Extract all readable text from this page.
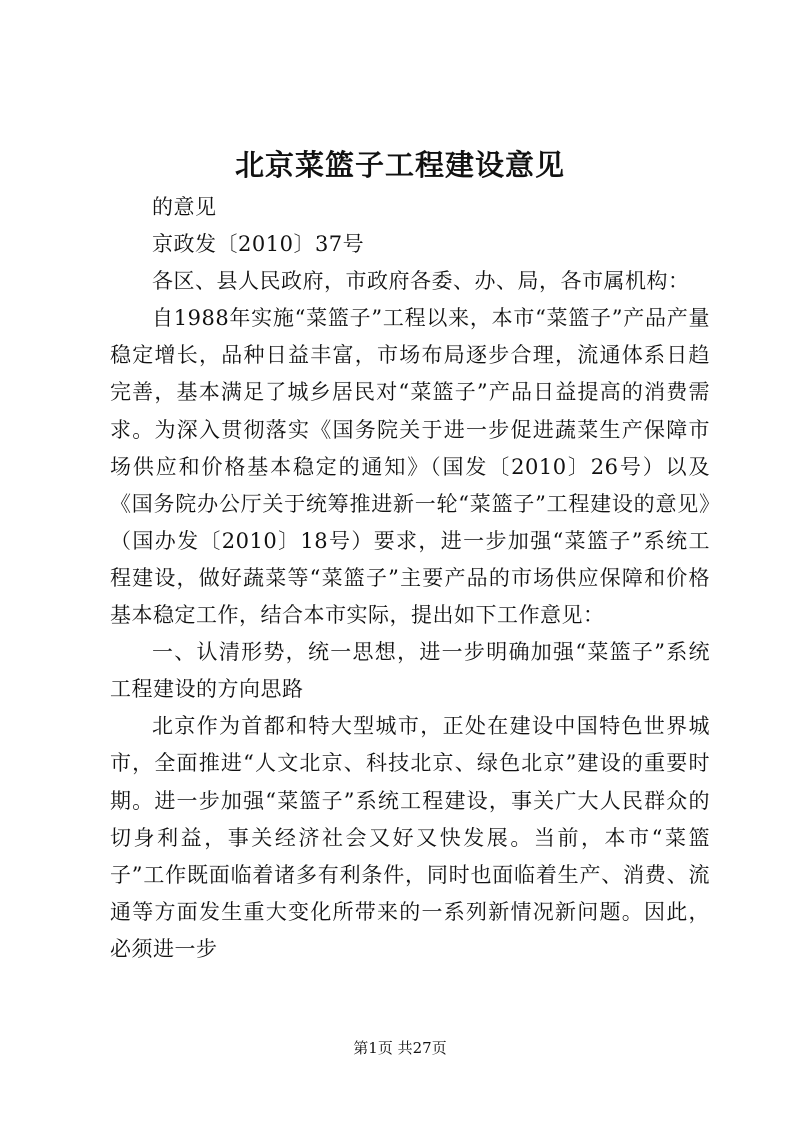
北京菜篮子工程建设意见

的意见

京政发〔2010〕37号

各区、县人民政府，市政府各委、办、局，各市属机构：

自1988年实施“菜篮子”工程以来，本市“菜篮子”产品产量稳定增长，品种日益丰富，市场布局逐步合理，流通体系日趋完善，基本满足了城乡居民对“菜篮子”产品日益提高的消费需求。为深入贯彻落实《国务院关于进一步促进蔬菜生产保障市场供应和价格基本稳定的通知》（国发〔2010〕26号）以及《国务院办公厅关于统筹推进新一轮“菜篮子”工程建设的意见》（国办发〔2010〕18号）要求，进一步加强“菜篮子”系统工程建设，做好蔬菜等“菜篮子”主要产品的市场供应保障和价格基本稳定工作，结合本市实际，提出如下工作意见：

一、认清形势，统一思想，进一步明确加强“菜篮子”系统工程建设的方向思路

北京作为首都和特大型城市，正处在建设中国特色世界城市，全面推进“人文北京、科技北京、绿色北京”建设的重要时期。进一步加强“菜篮子”系统工程建设，事关广大人民群众的切身利益，事关经济社会又好又快发展。当前，本市“菜篮子”工作既面临着诸多有利条件，同时也面临着生产、消费、流通等方面发生重大变化所带来的一系列新情况新问题。因此，必须进一步

第1页 共27页
